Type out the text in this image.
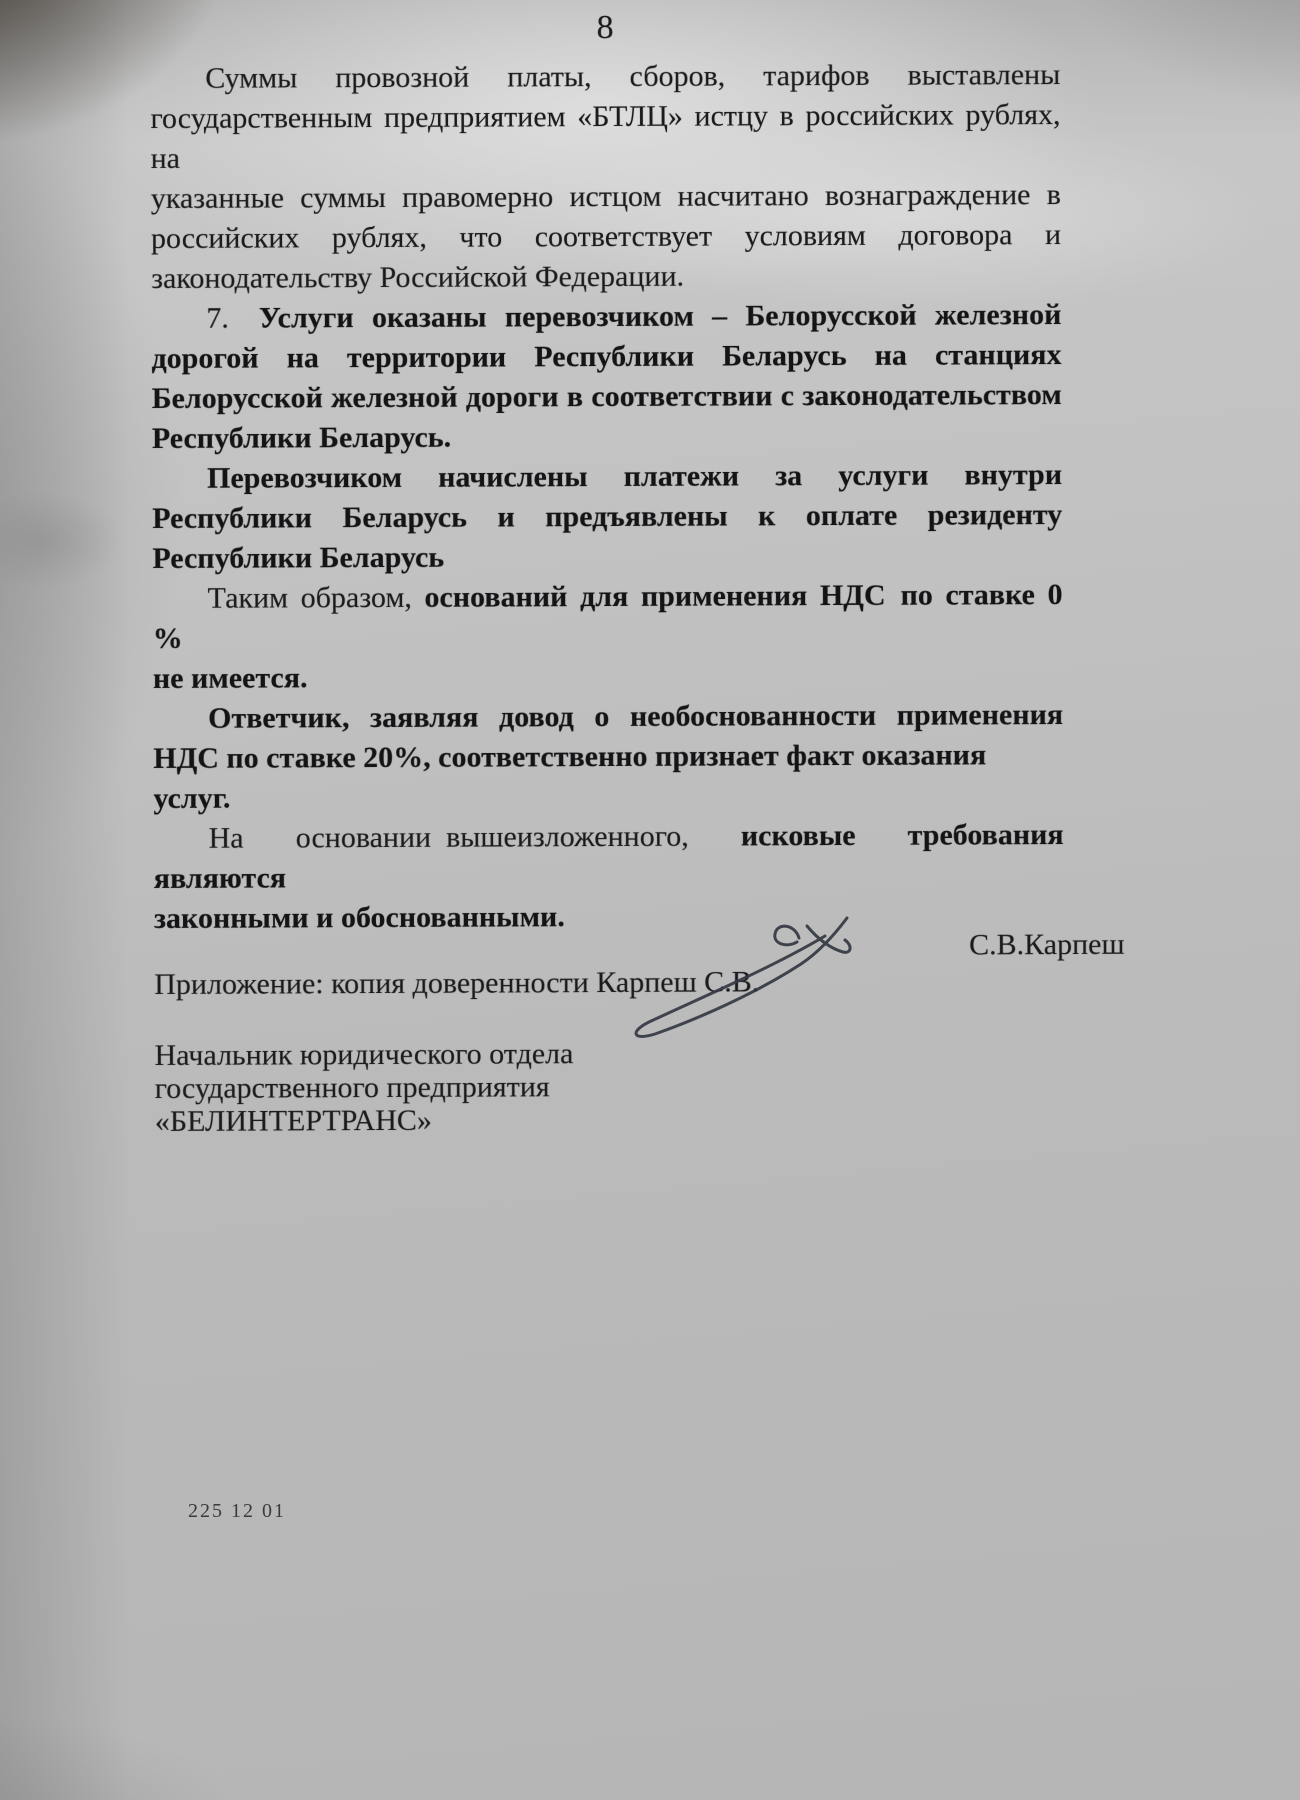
8
Суммы провозной платы, сборов, тарифов выставлены
государственным предприятием «БТЛЦ» истцу в российских рублях, на
указанные суммы правомерно истцом насчитано вознаграждение в
российских рублях, что соответствует условиям договора и
законодательству Российской Федерации.
7. Услуги оказаны перевозчиком – Белорусской железной
дорогой на территории Республики Беларусь на станциях
Белорусской железной дороги в соответствии с законодательством
Республики Беларусь.
Перевозчиком начислены платежи за услуги внутри
Республики Беларусь и предъявлены к оплате резиденту
Республики Беларусь
Таким образом, оснований для применения НДС по ставке 0 %
не имеется.
Ответчик, заявляя довод о необоснованности применения
НДС по ставке 20%, соответственно признает факт оказания услуг.
На основании вышеизложенного, исковые требования являются
законными и обоснованными.
Приложение: копия доверенности Карпеш С.В.
Начальник юридического отдела
государственного предприятия
«БЕЛИНТЕРТРАНС»
С.В.Карпеш
225 12 01
